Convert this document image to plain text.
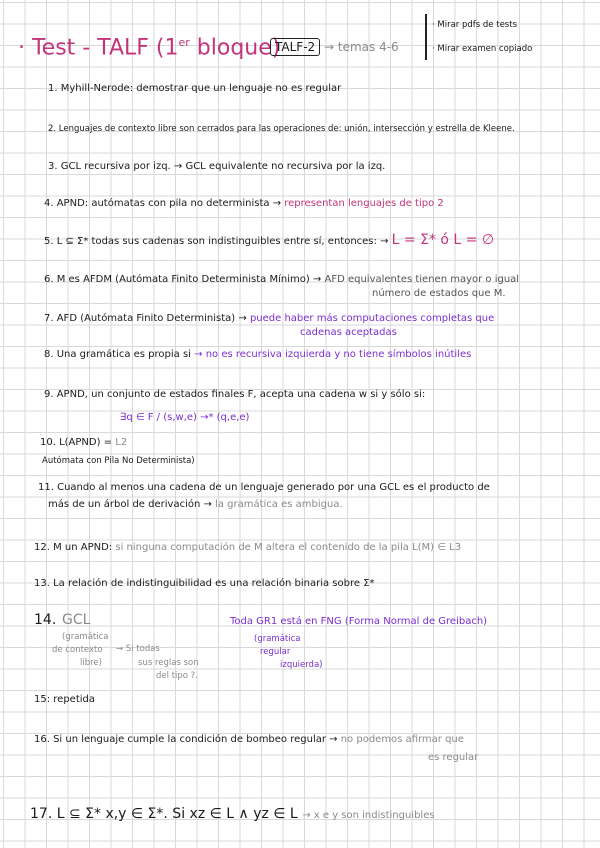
· Test - TALF (1er bloque)
TALF-2 → temas 4-6
· Mirar pdfs de tests
· Mirar examen copiado
1. Myhill-Nerode: demostrar que un lenguaje no es regular
2. Lenguajes de contexto libre son cerrados para las operaciones de: unión, intersección y estrella de Kleene.
3. GCL recursiva por izq. → GCL equivalente no recursiva por la izq.
4. APND: autómatas con pila no determinista → representan lenguajes de tipo 2
5. L ⊆ Σ* todas sus cadenas son indistinguibles entre sí, entonces: → L = Σ* ó L = ∅
6. M es AFDM (Autómata Finito Determinista Mínimo) → AFD equivalentes tienen mayor o igual
número de estados que M.
7. AFD (Autómata Finito Determinista) → puede haber más computaciones completas que
cadenas aceptadas
8. Una gramática es propia si → no es recursiva izquierda y no tiene símbolos inútiles
9. APND, un conjunto de estados finales F, acepta una cadena w si y sólo si:
∃q ∈ F / (s,w,e) →* (q,e,e)
10. L(APND) = L2
Autómata con Pila No Determinista)
11. Cuando al menos una cadena de un lenguaje generado por una GCL es el producto de
más de un árbol de derivación → la gramática es ambigua.
12. M un APND: si ninguna computación de M altera el contenido de la pila L(M) ∈ L3
13. La relación de indistinguibilidad es una relación binaria sobre Σ*
14. GCL
(gramática
de contexto
libre)
→ Si todas
sus reglas son
del tipo ?.
Toda GR1 está en FNG (Forma Normal de Greibach)
(gramática
regular
izquierda)
15: repetida
16. Si un lenguaje cumple la condición de bombeo regular → no podemos afirmar que
es regular
17. L ⊆ Σ* x,y ∈ Σ*. Si xz ∈ L ∧ yz ∈ L → x e y son indistinguibles
